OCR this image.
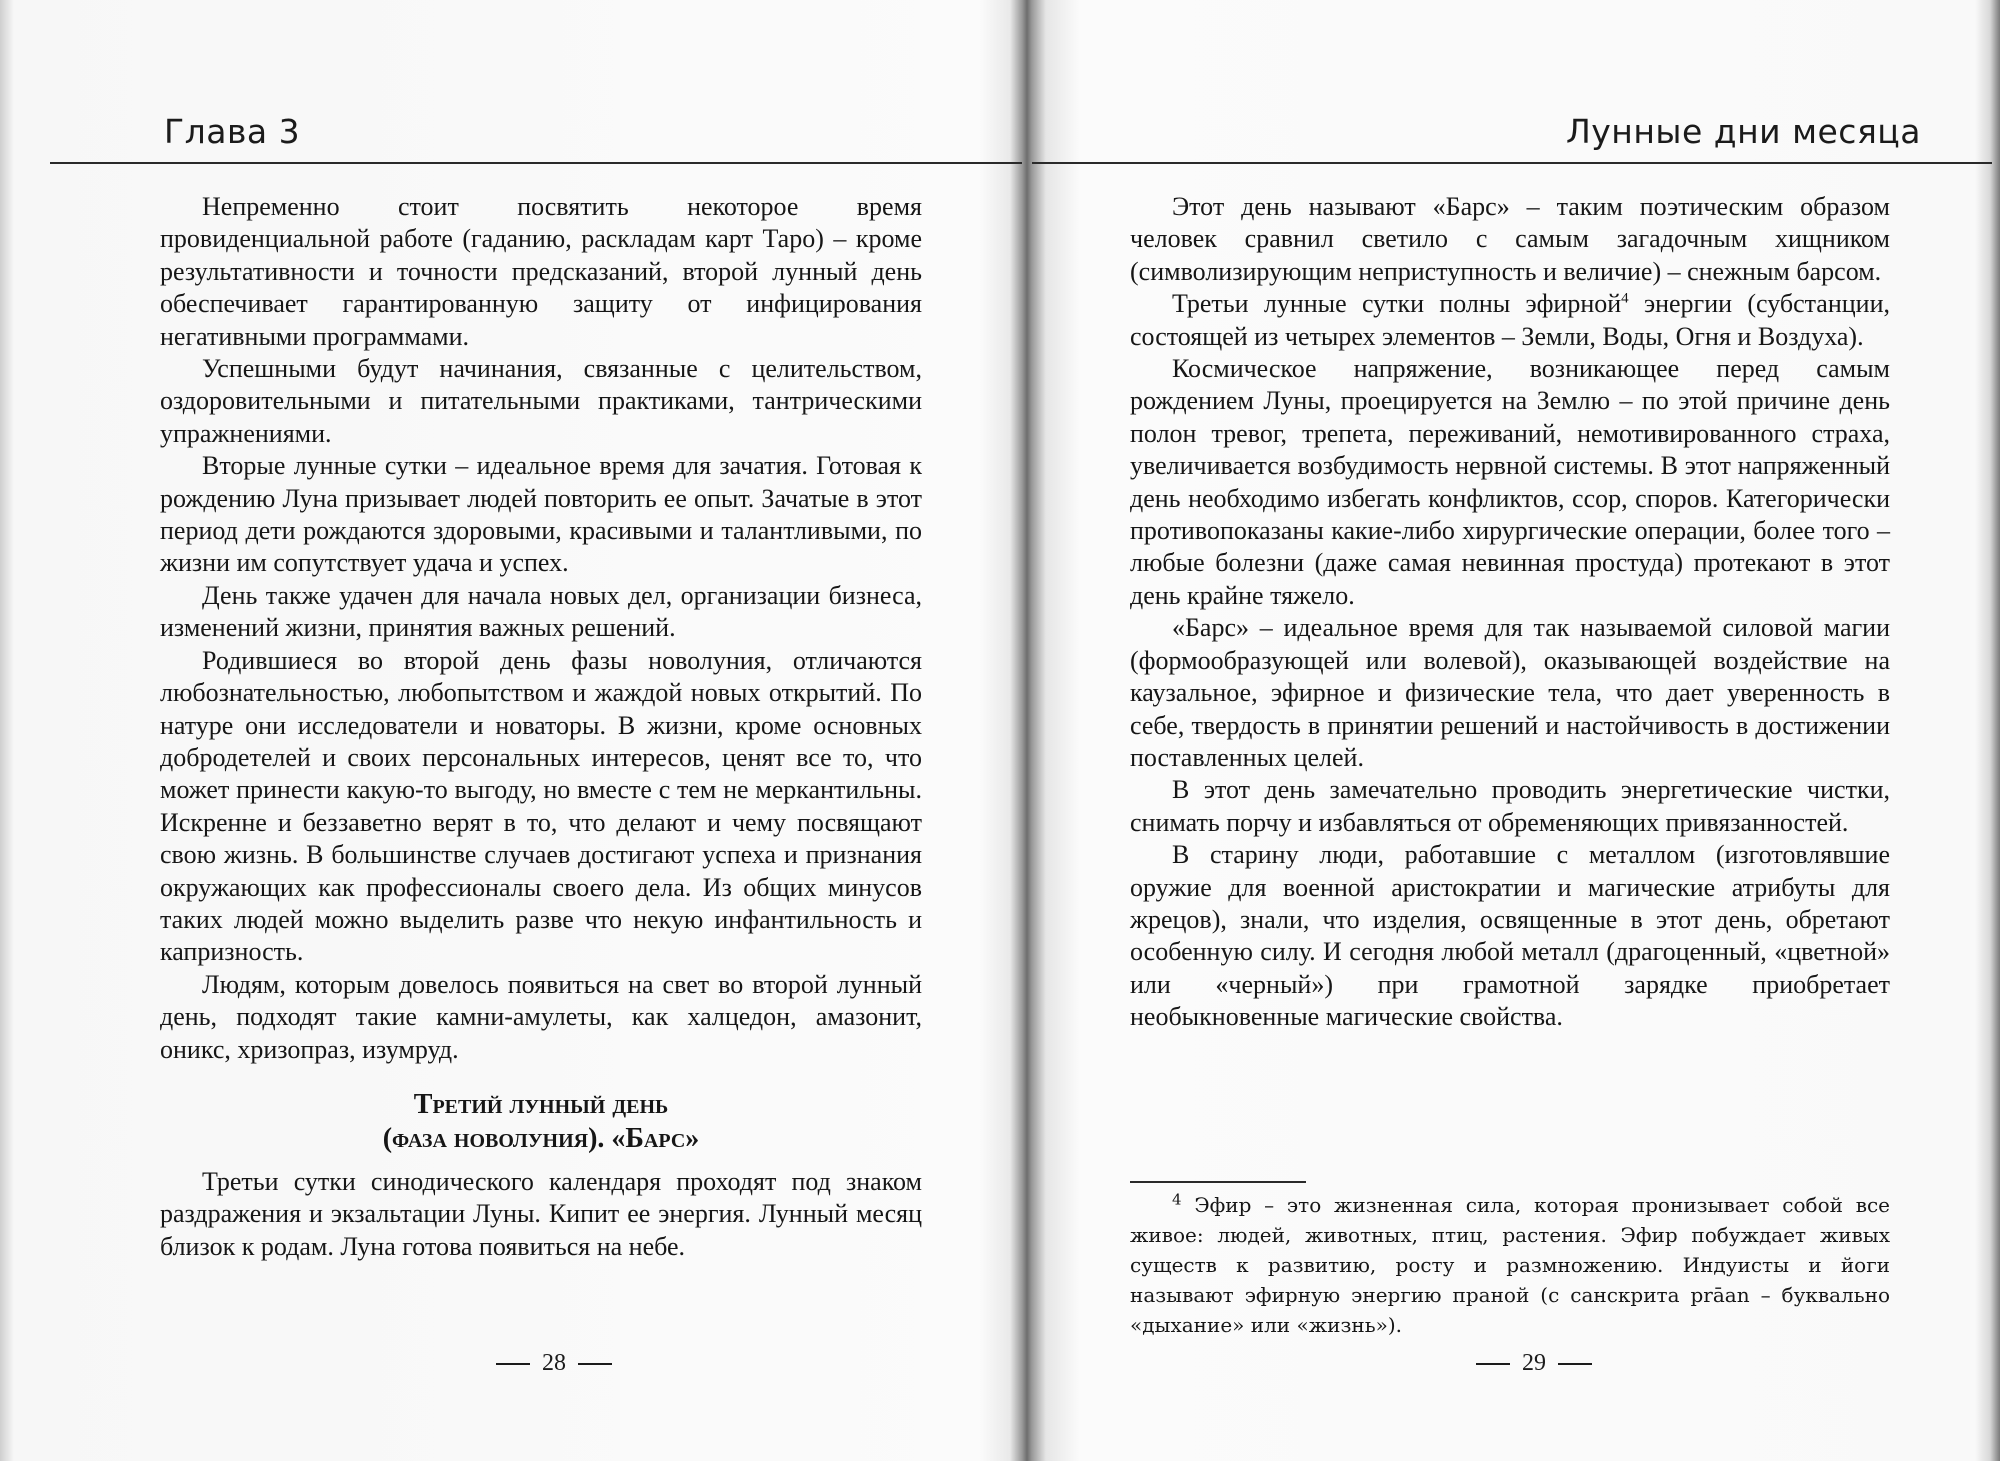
Глава 3

Непременно стоит посвятить некоторое время провиденциальной работе (гаданию, раскладам карт Таро) – кроме результативности и точности предсказаний, второй лунный день обеспечивает гарантированную защиту от инфицирования негативными программами.

Успешными будут начинания, связанные с целительством, оздоровительными и питательными практиками, тантрическими упражнениями.

Вторые лунные сутки – идеальное время для зачатия. Готовая к рождению Луна призывает людей повторить ее опыт. Зачатые в этот период дети рождаются здоровыми, красивыми и талантливыми, по жизни им сопутствует удача и успех.

День также удачен для начала новых дел, организации бизнеса, изменений жизни, принятия важных решений.

Родившиеся во второй день фазы новолуния, отличаются любознательностью, любопытством и жаждой новых открытий. По натуре они исследователи и новаторы. В жизни, кроме основных добродетелей и своих персональных интересов, ценят все то, что может принести какую-то выгоду, но вместе с тем не меркантильны. Искренне и беззаветно верят в то, что делают и чему посвящают свою жизнь. В большинстве случаев достигают успеха и признания окружающих как профессионалы своего дела. Из общих минусов таких людей можно выделить разве что некую инфантильность и капризность.

Людям, которым довелось появиться на свет во второй лунный день, подходят такие камни-амулеты, как халцедон, амазонит, оникс, хризопраз, изумруд.

Третий лунный день
(фаза новолуния). «Барс»

Третьи сутки синодического календаря проходят под знаком раздражения и экзальтации Луны. Кипит ее энергия. Лунный месяц близок к родам. Луна готова появиться на небе.

28
Лунные дни месяца

Этот день называют «Барс» – таким поэтическим образом человек сравнил светило с самым загадочным хищником (символизирующим неприступность и величие) – снежным барсом.

Третьи лунные сутки полны эфирной$^4$ энергии (субстанции, состоящей из четырех элементов – Земли, Воды, Огня и Воздуха).

Космическое напряжение, возникающее перед самым рождением Луны, проецируется на Землю – по этой причине день полон тревог, трепета, переживаний, немотивированного страха, увеличивается возбудимость нервной системы. В этот напряженный день необходимо избегать конфликтов, ссор, споров. Категорически противопоказаны какие-либо хирургические операции, более того – любые болезни (даже самая невинная простуда) протекают в этот день крайне тяжело.

«Барс» – идеальное время для так называемой силовой магии (формообразующей или волевой), оказывающей воздействие на каузальное, эфирное и физические тела, что дает уверенность в себе, твердость в принятии решений и настойчивость в достижении поставленных целей.

В этот день замечательно проводить энергетические чистки, снимать порчу и избавляться от обременяющих привязанностей.

В старину люди, работавшие с металлом (изготовлявшие оружие для военной аристократии и магические атрибуты для жрецов), знали, что изделия, освященные в этот день, обретают особенную силу. И сегодня любой металл (драгоценный, «цветной» или «черный») при грамотной зарядке приобретает необыкновенные магические свойства.

$^4$ Эфир – это жизненная сила, которая пронизывает собой все живое: людей, животных, птиц, растения. Эфир побуждает живых существ к развитию, росту и размножению. Индуисты и йоги называют эфирную энергию праной (с санскрита prāan – буквально «дыхание» или «жизнь»).

29
